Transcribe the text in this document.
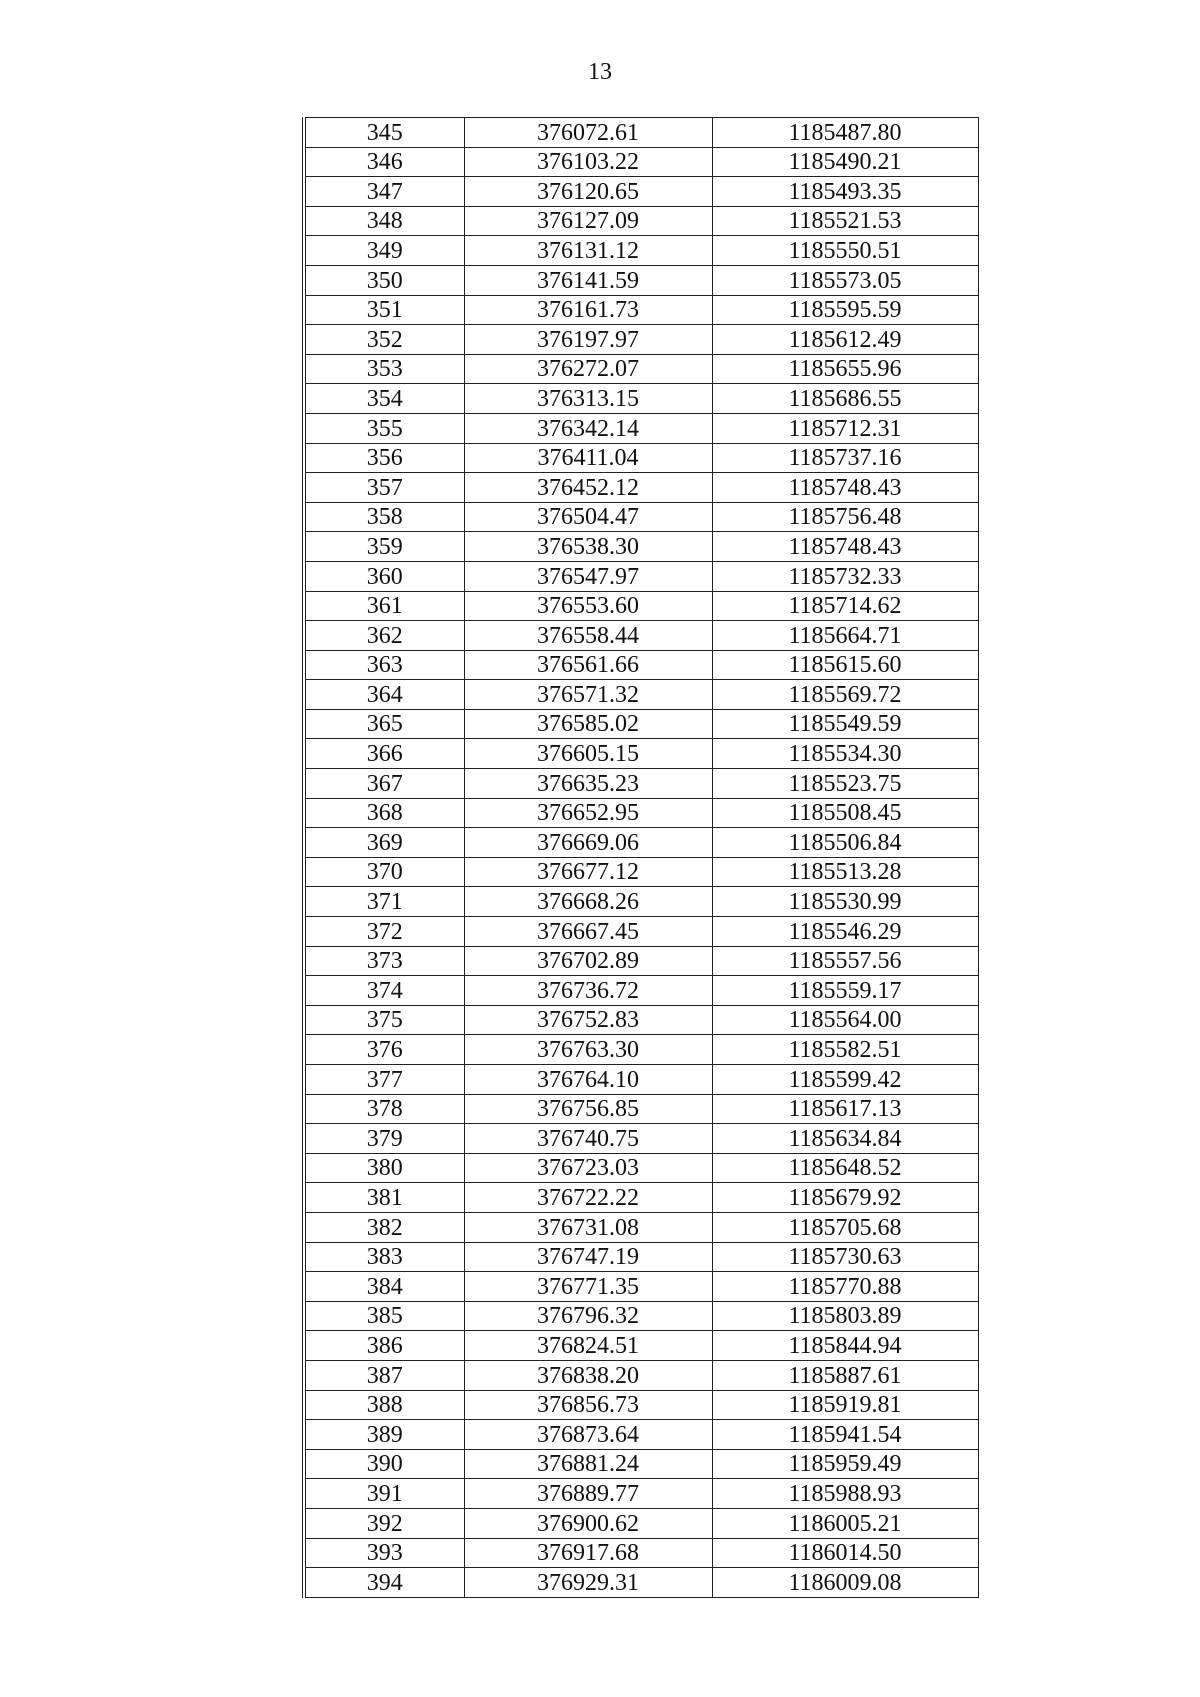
13
345	376072.61	1185487.80
346	376103.22	1185490.21
347	376120.65	1185493.35
348	376127.09	1185521.53
349	376131.12	1185550.51
350	376141.59	1185573.05
351	376161.73	1185595.59
352	376197.97	1185612.49
353	376272.07	1185655.96
354	376313.15	1185686.55
355	376342.14	1185712.31
356	376411.04	1185737.16
357	376452.12	1185748.43
358	376504.47	1185756.48
359	376538.30	1185748.43
360	376547.97	1185732.33
361	376553.60	1185714.62
362	376558.44	1185664.71
363	376561.66	1185615.60
364	376571.32	1185569.72
365	376585.02	1185549.59
366	376605.15	1185534.30
367	376635.23	1185523.75
368	376652.95	1185508.45
369	376669.06	1185506.84
370	376677.12	1185513.28
371	376668.26	1185530.99
372	376667.45	1185546.29
373	376702.89	1185557.56
374	376736.72	1185559.17
375	376752.83	1185564.00
376	376763.30	1185582.51
377	376764.10	1185599.42
378	376756.85	1185617.13
379	376740.75	1185634.84
380	376723.03	1185648.52
381	376722.22	1185679.92
382	376731.08	1185705.68
383	376747.19	1185730.63
384	376771.35	1185770.88
385	376796.32	1185803.89
386	376824.51	1185844.94
387	376838.20	1185887.61
388	376856.73	1185919.81
389	376873.64	1185941.54
390	376881.24	1185959.49
391	376889.77	1185988.93
392	376900.62	1186005.21
393	376917.68	1186014.50
394	376929.31	1186009.08
